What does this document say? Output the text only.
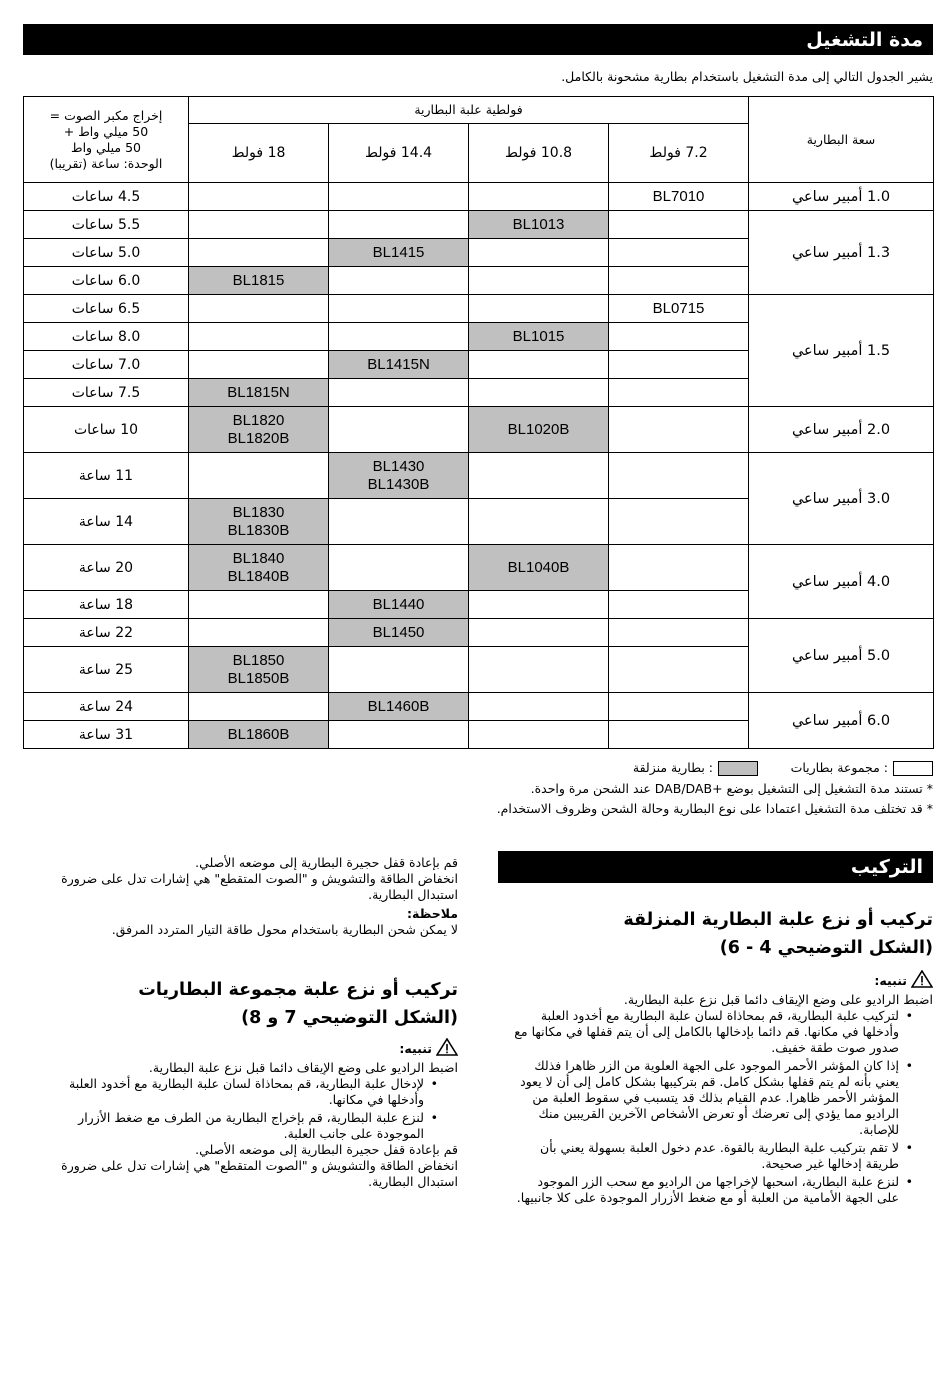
مدة التشغيل
يشير الجدول التالي إلى مدة التشغيل باستخدام بطارية مشحونة بالكامل.
سعة البطارية	فولطية علبة البطارية				إخراج مكبر الصوت =
50 ميلي واط +
50 ميلي واط
الوحدة: ساعة (تقريبا)

	7.2 فولط	10.8 فولط	14.4 فولط	18 فولط	
1.0 أمبير ساعي	BL7010				4.5 ساعات
1.3 أمبير ساعي		BL1013			5.5 ساعات

			BL1415		5.0 ساعات

				BL1815	6.0 ساعات
1.5 أمبير ساعي	BL0715				6.5 ساعات

		BL1015			8.0 ساعات

			BL1415N		7.0 ساعات

				BL1815N	7.5 ساعات
2.0 أمبير ساعي		BL1020B		BL1820
BL1820B	10 ساعات
3.0 أمبير ساعي			BL1430
BL1430B		11 ساعة

				BL1830
BL1830B	14 ساعة
4.0 أمبير ساعي		BL1040B		BL1840
BL1840B	20 ساعة

			BL1440		18 ساعة
5.0 أمبير ساعي			BL1450		22 ساعة

				BL1850
BL1850B	25 ساعة
6.0 أمبير ساعي			BL1460B		24 ساعة

				BL1860B	31 ساعة
: مجموعة بطاريات
: بطارية منزلقة
* تستند مدة التشغيل إلى التشغيل بوضع +DAB/DAB عند الشحن مرة واحدة.
* قد تختلف مدة التشغيل اعتمادا على نوع البطارية وحالة الشحن وظروف الاستخدام.
التركيب
تركيب أو نزع علبة البطارية المنزلقة
(الشكل التوضيحي 4 - 6)
تنبيه:
اضبط الراديو على وضع الإيقاف دائما قبل نزع علبة البطارية.
• لتركيب علبة البطارية، قم بمحاذاة لسان علبة البطارية مع أخدود العلبة وأدخلها في مكانها. قم دائما بإدخالها بالكامل إلى أن يتم قفلها في مكانها مع صدور صوت طقة خفيف.
• إذا كان المؤشر الأحمر الموجود على الجهة العلوية من الزر ظاهرا فذلك يعني بأنه لم يتم قفلها بشكل كامل. قم بتركيبها بشكل كامل إلى أن لا يعود المؤشر الأحمر ظاهرا. عدم القيام بذلك قد يتسبب في سقوط العلبة من الراديو مما يؤدي إلى تعرضك أو تعرض الأشخاص الآخرين القريبين منك للإصابة.
• لا تقم بتركيب علبة البطارية بالقوة. عدم دخول العلبة بسهولة يعني بأن طريقة إدخالها غير صحيحة.
• لنزع علبة البطارية، اسحبها لإخراجها من الراديو مع سحب الزر الموجود على الجهة الأمامية من العلبة أو مع ضغط الأزرار الموجودة على كلا جانبيها.
قم بإعادة قفل حجيرة البطارية إلى موضعه الأصلي.
انخفاض الطاقة والتشويش و "الصوت المتقطع" هي إشارات تدل على ضرورة استبدال البطارية.
ملاحظة:
لا يمكن شحن البطارية باستخدام محول طاقة التيار المتردد المرفق.
تركيب أو نزع علبة مجموعة البطاريات
(الشكل التوضيحي 7 و 8)
تنبيه:
اضبط الراديو على وضع الإيقاف دائما قبل نزع علبة البطارية.
• لإدخال علبة البطارية، قم بمحاذاة لسان علبة البطارية مع أخدود العلبة وأدخلها في مكانها.
• لنزع علبة البطارية، قم بإخراج البطارية من الطرف مع ضغط الأزرار الموجودة على جانب العلبة.
قم بإعادة قفل حجيرة البطارية إلى موضعه الأصلي.
انخفاض الطاقة والتشويش و "الصوت المتقطع" هي إشارات تدل على ضرورة استبدال البطارية.
